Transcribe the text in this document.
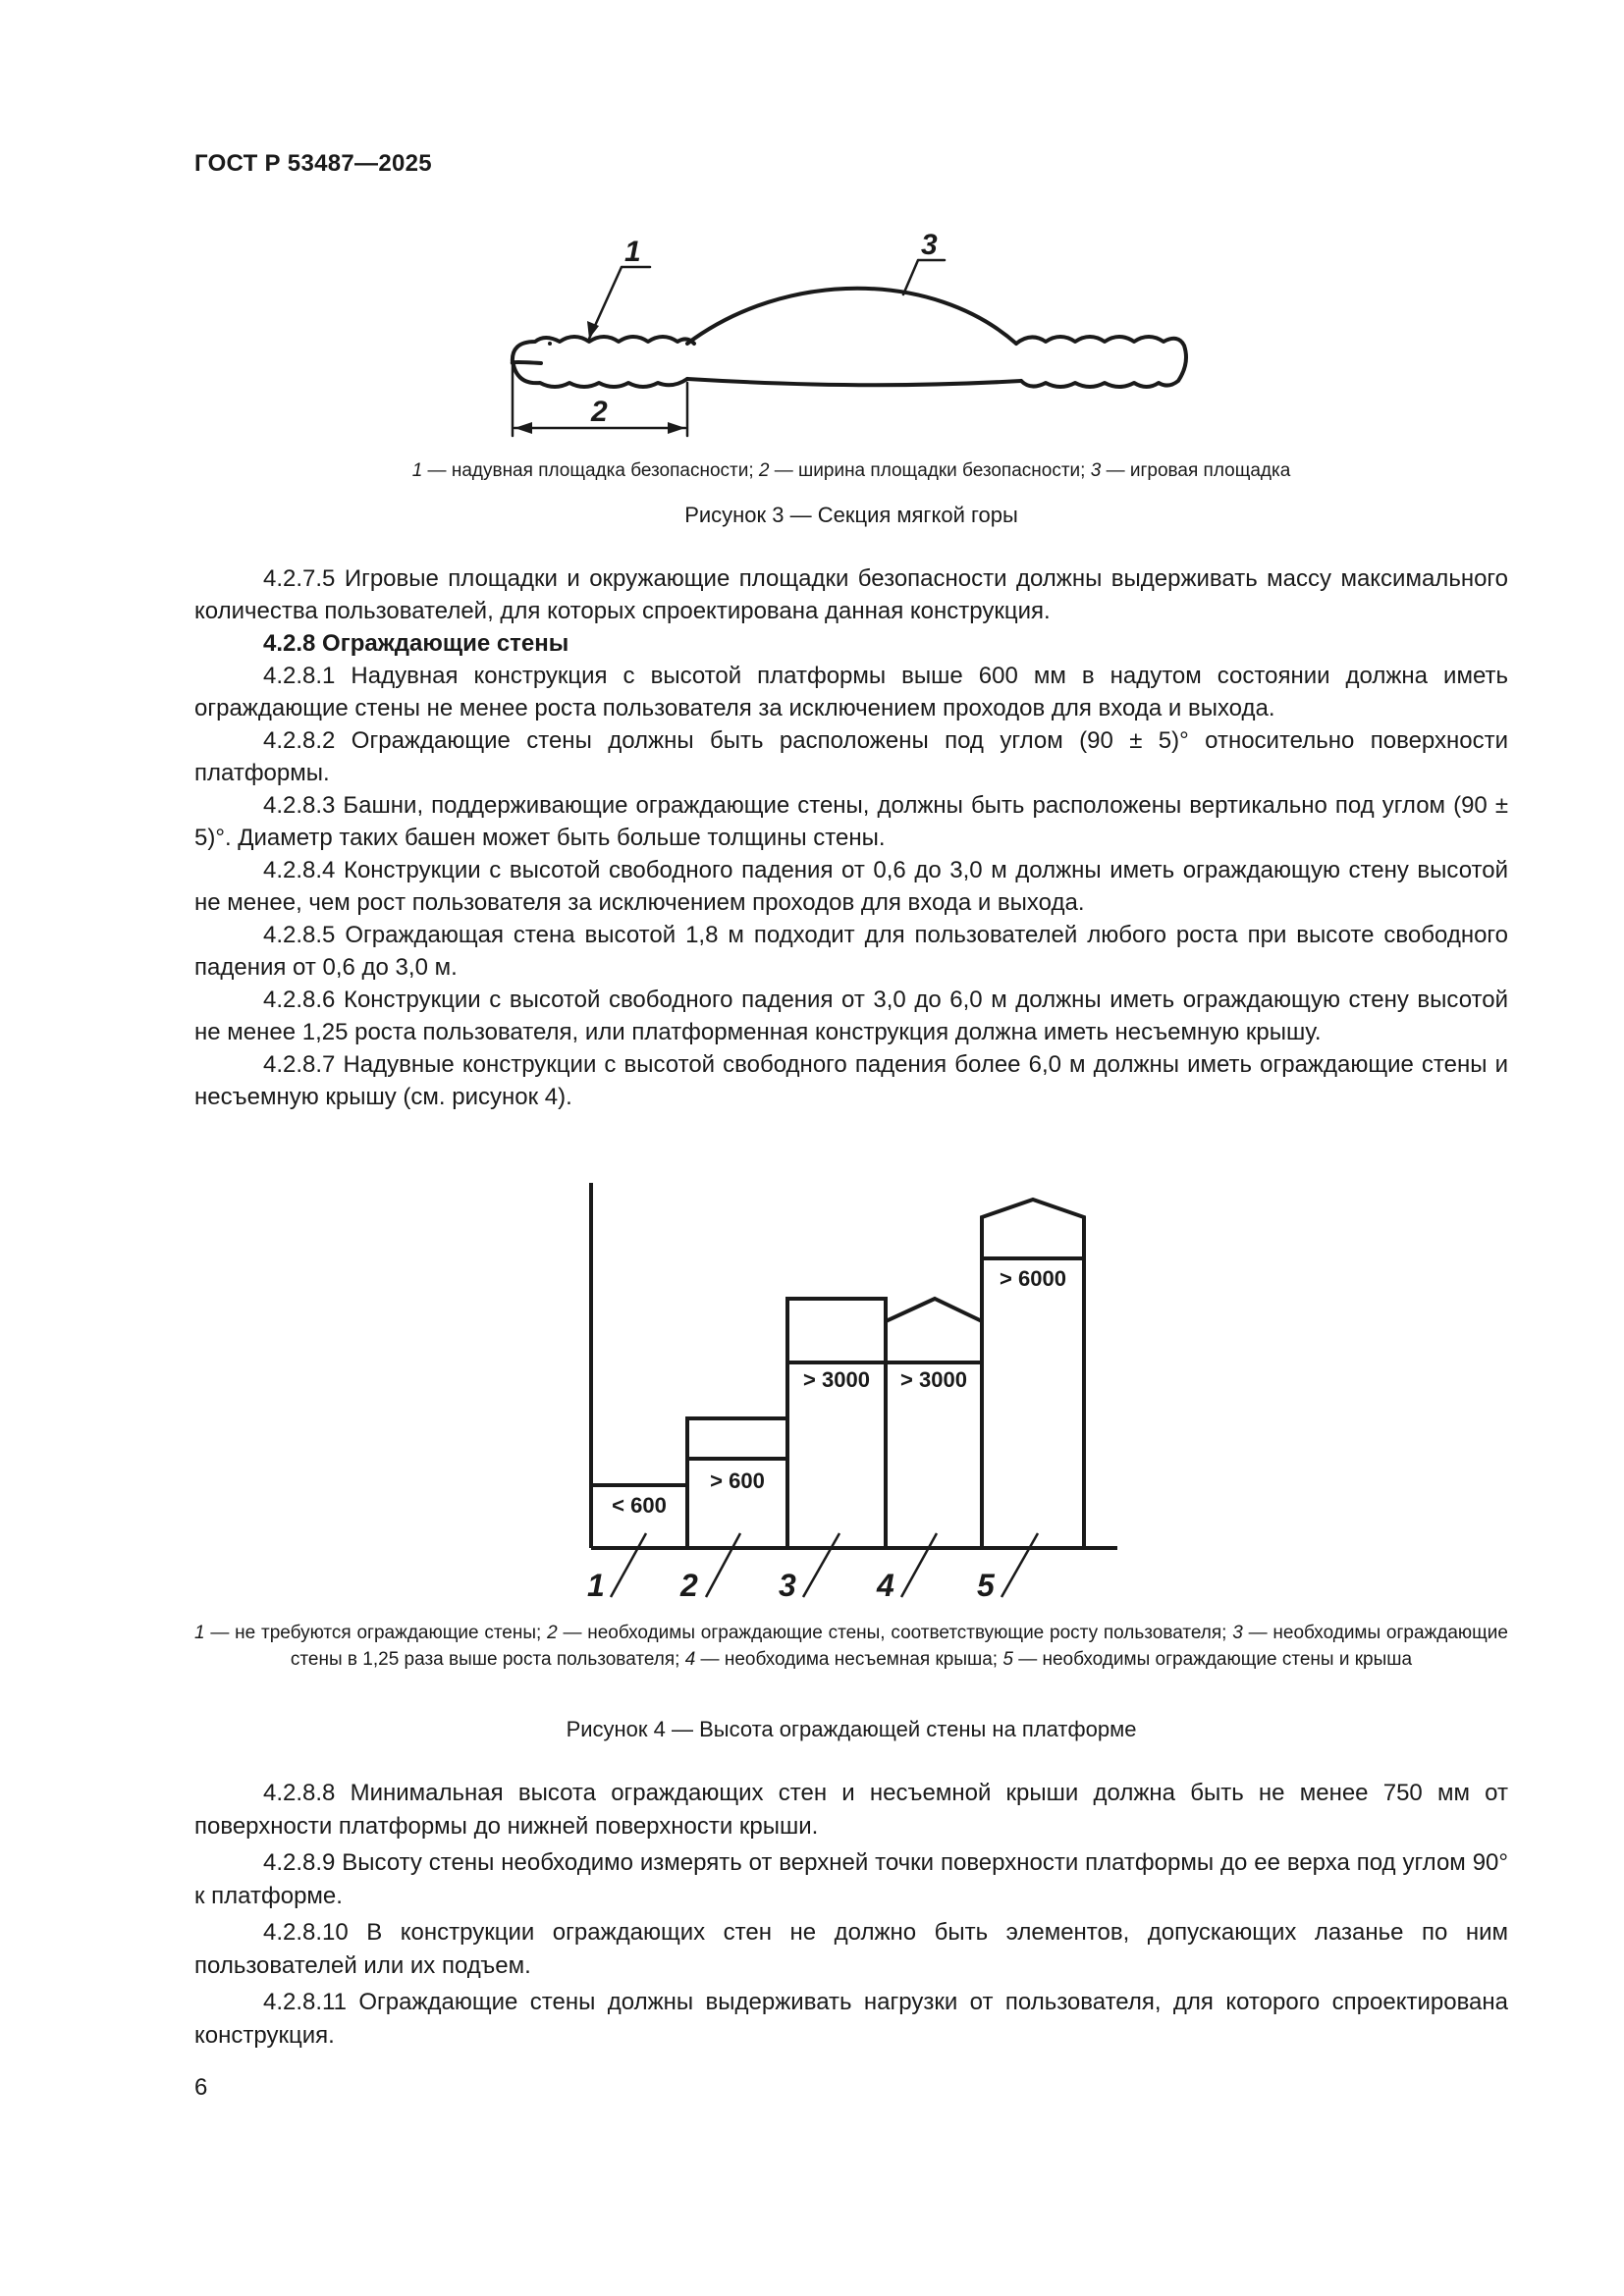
ГОСТ Р 53487—2025
1
2
3
1 — надувная площадка безопасности; 2 — ширина площадки безопасности; 3 — игровая площадка
Рисунок 3 — Секция мягкой горы

4.2.7.5 Игровые площадки и окружающие площадки безопасности должны выдерживать массу максимального количества пользователей, для которых спроектирована данная конструкция.

4.2.8 Ограждающие стены

4.2.8.1 Надувная конструкция с высотой платформы выше 600 мм в надутом состоянии должна иметь ограждающие стены не менее роста пользователя за исключением проходов для входа и выхода.

4.2.8.2 Ограждающие стены должны быть расположены под углом (90 ± 5)° относительно поверхности платформы.

4.2.8.3 Башни, поддерживающие ограждающие стены, должны быть расположены вертикально под углом (90 ± 5)°. Диаметр таких башен может быть больше толщины стены.

4.2.8.4 Конструкции с высотой свободного падения от 0,6 до 3,0 м должны иметь ограждающую стену высотой не менее, чем рост пользователя за исключением проходов для входа и выхода.

4.2.8.5 Ограждающая стена высотой 1,8 м подходит для пользователей любого роста при высоте свободного падения от 0,6 до 3,0 м.

4.2.8.6 Конструкции с высотой свободного падения от 3,0 до 6,0 м должны иметь ограждающую стену высотой не менее 1,25 роста пользователя, или платформенная конструкция должна иметь несъемную крышу.

4.2.8.7 Надувные конструкции с высотой свободного падения более 6,0 м должны иметь ограждающие стены и несъемную крышу (см. рисунок 4).

< 600
> 600
> 3000 > 3000
> 6000
1 2	3	4	5
1 — не требуются ограждающие стены; 2 — необходимы ограждающие стены, соответствующие росту пользователя; 3 — необходимы ограждающие стены в 1,25 раза выше роста пользователя; 4 — необходима несъемная крыша; 5 — необходимы ограждающие стены и крыша
Рисунок 4 — Высота ограждающей стены на платформе

4.2.8.8 Минимальная высота ограждающих стен и несъемной крыши должна быть не менее 750 мм от поверхности платформы до нижней поверхности крыши.

4.2.8.9 Высоту стены необходимо измерять от верхней точки поверхности платформы до ее верха под углом 90° к платформе.

4.2.8.10 В конструкции ограждающих стен не должно быть элементов, допускающих лазанье по ним пользователей или их подъем.

4.2.8.11 Ограждающие стены должны выдерживать нагрузки от пользователя, для которого спроектирована конструкция.

6
